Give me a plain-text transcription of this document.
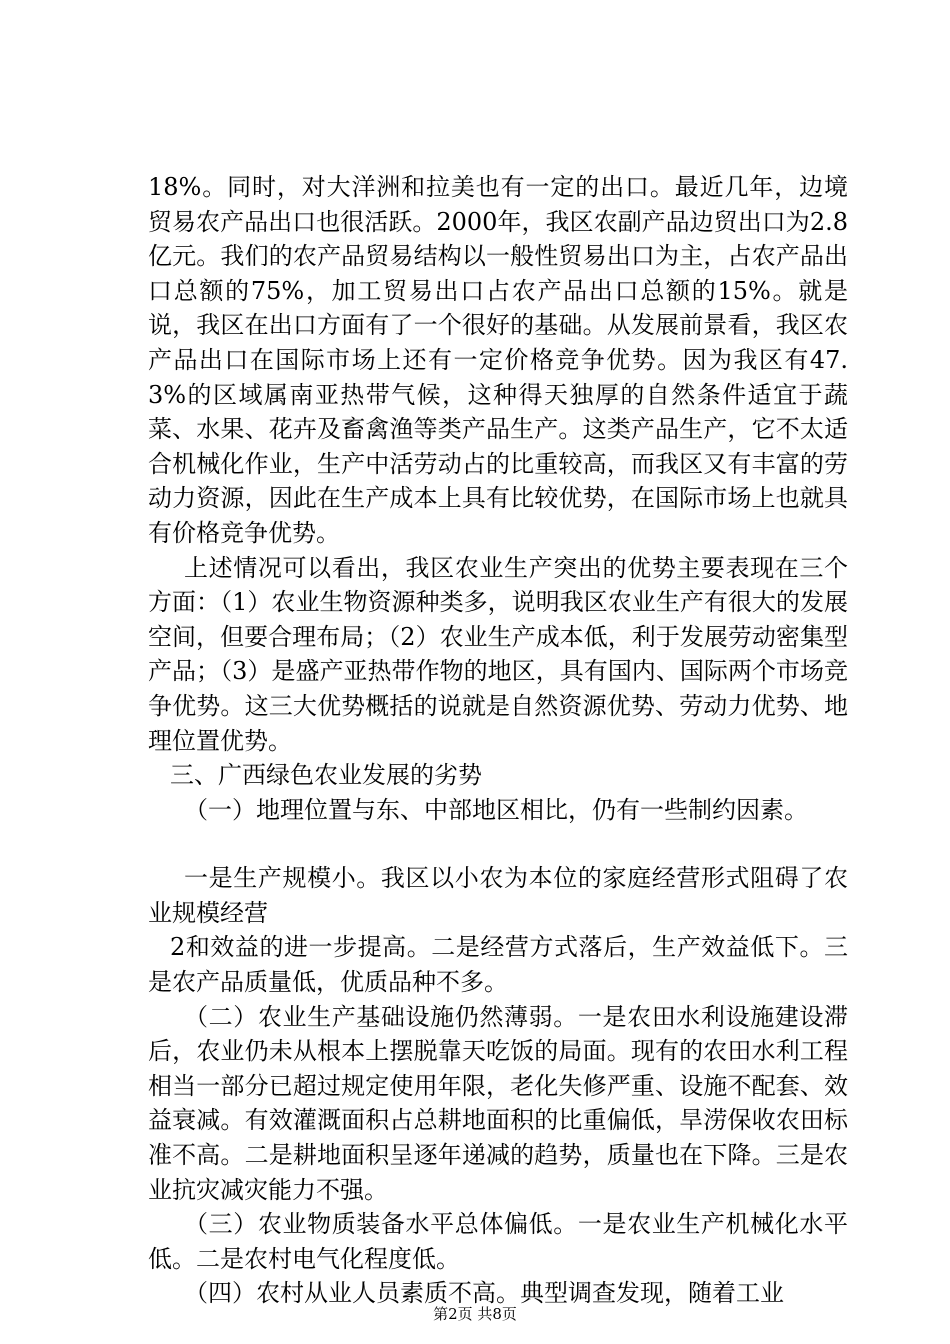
18%。同时，对大洋洲和拉美也有一定的出口。最近几年，边境贸易农产品出口也很活跃。2000年，我区农副产品边贸出口为2.8亿元。我们的农产品贸易结构以一般性贸易出口为主，占农产品出口总额的75%，加工贸易出口占农产品出口总额的15%。就是说，我区在出口方面有了一个很好的基础。从发展前景看，我区农产品出口在国际市场上还有一定价格竞争优势。因为我区有47.3%的区域属南亚热带气候，这种得天独厚的自然条件适宜于蔬菜、水果、花卉及畜禽渔等类产品生产。这类产品生产，它不太适合机械化作业，生产中活劳动占的比重较高，而我区又有丰富的劳动力资源，因此在生产成本上具有比较优势，在国际市场上也就具有价格竞争优势。

上述情况可以看出，我区农业生产突出的优势主要表现在三个方面：（1）农业生物资源种类多，说明我区农业生产有很大的发展空间，但要合理布局；（2）农业生产成本低，利于发展劳动密集型产品；（3）是盛产亚热带作物的地区，具有国内、国际两个市场竞争优势。这三大优势概括的说就是自然资源优势、劳动力优势、地理位置优势。

三、广西绿色农业发展的劣势

（一）地理位置与东、中部地区相比，仍有一些制约因素。

一是生产规模小。我区以小农为本位的家庭经营形式阻碍了农业规模经营

2和效益的进一步提高。二是经营方式落后，生产效益低下。三是农产品质量低，优质品种不多。

（二）农业生产基础设施仍然薄弱。一是农田水利设施建设滞后，农业仍未从根本上摆脱靠天吃饭的局面。现有的农田水利工程相当一部分已超过规定使用年限，老化失修严重、设施不配套、效益衰减。有效灌溉面积占总耕地面积的比重偏低，旱涝保收农田标准不高。二是耕地面积呈逐年递减的趋势，质量也在下降。三是农业抗灾减灾能力不强。

（三）农业物质装备水平总体偏低。一是农业生产机械化水平低。二是农村电气化程度低。

（四）农村从业人员素质不高。典型调查发现，随着工业

第2页 共8页
